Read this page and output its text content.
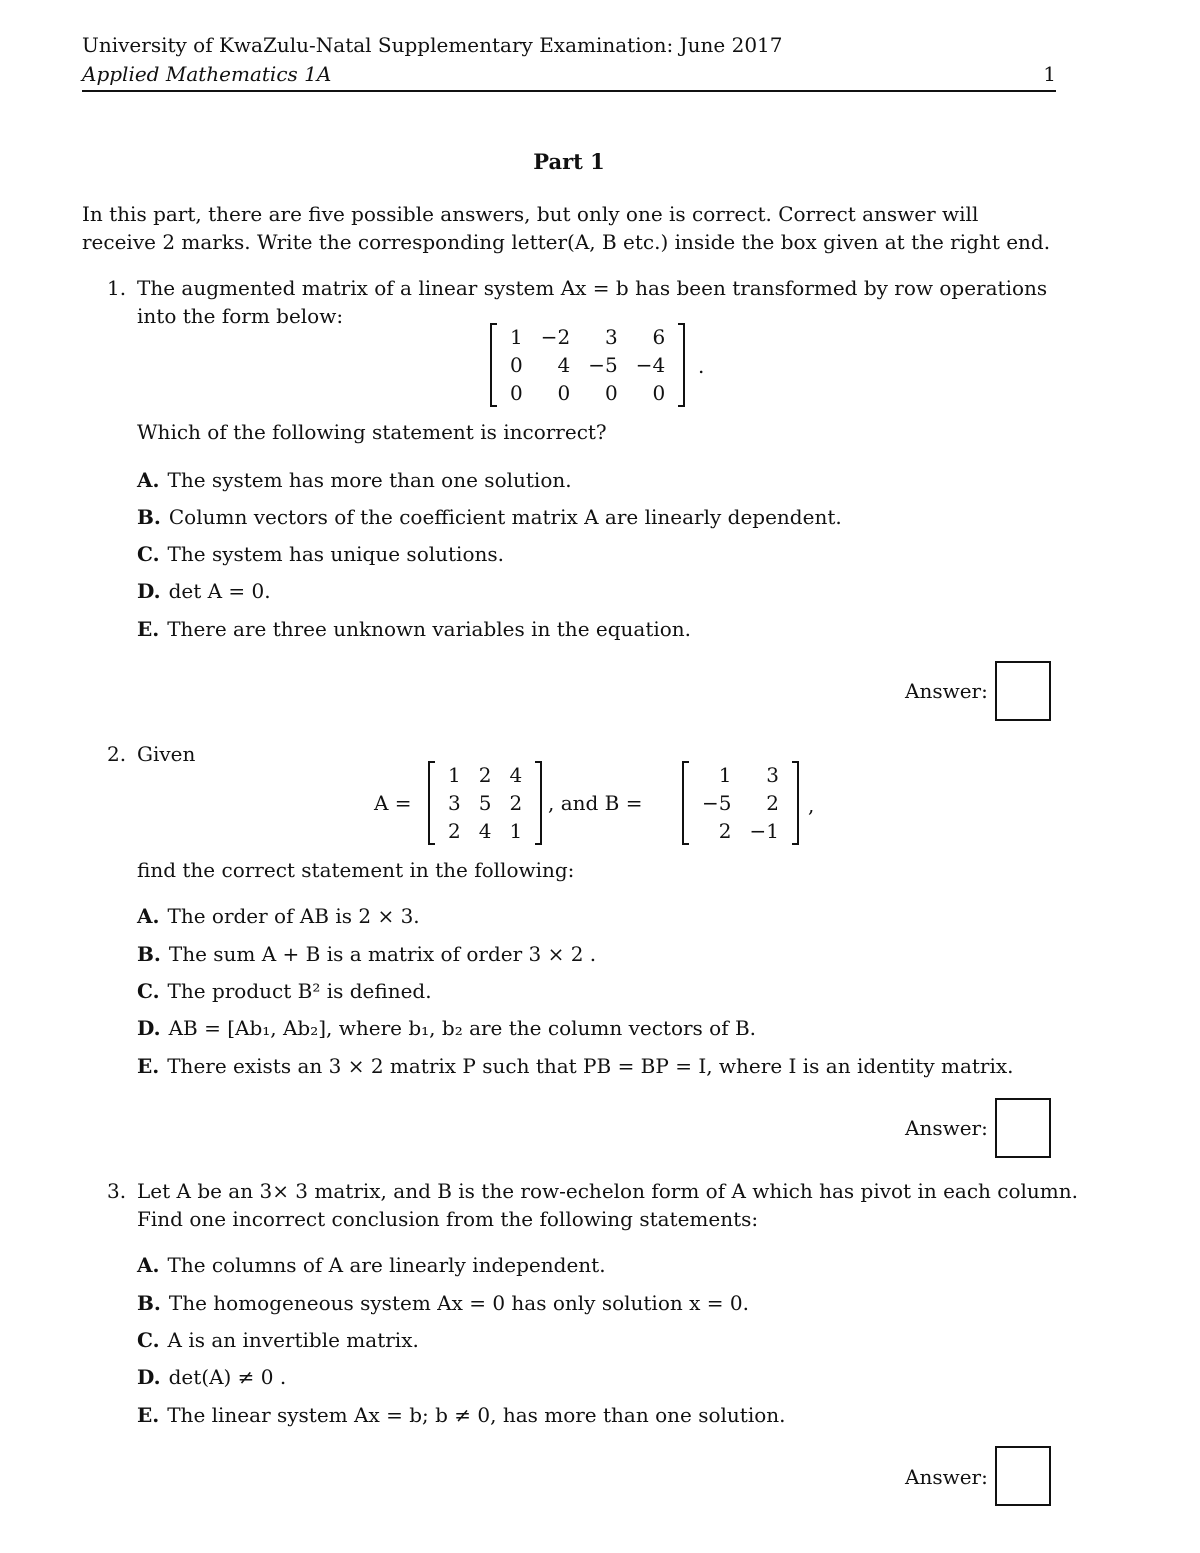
University of KwaZulu-Natal Supplementary Examination: June 2017
Applied Mathematics 1A	1
Part 1
In this part, there are five possible answers, but only one is correct. Correct answer will receive 2 marks. Write the corresponding letter(A, B etc.) inside the box given at the right end.
1. The augmented matrix of a linear system Ax = b has been transformed by row operations
into the form below:
1	−2	3	6
0	4	−5	−4
0	0	0	0
.
Which of the following statement is incorrect?
A. The system has more than one solution.
B. Column vectors of the coefficient matrix A are linearly dependent.
C. The system has unique solutions.
D. det A = 0.
E. There are three unknown variables in the equation.
Answer:
2. Given
A =
1	2	4
3	5	2
2	4	1
, and B =
1	3
−5	2
2	−1
,
find the correct statement in the following:
A. The order of AB is 2 × 3.
B. The sum A + B is a matrix of order 3 × 2 .
C. The product B² is defined.
D. AB = [Ab₁, Ab₂], where b₁, b₂ are the column vectors of B.
E. There exists an 3 × 2 matrix P such that PB = BP = I, where I is an identity matrix.
Answer:
3. Let A be an 3× 3 matrix, and B is the row-echelon form of A which has pivot in each column.
Find one incorrect conclusion from the following statements:
A. The columns of A are linearly independent.
B. The homogeneous system Ax = 0 has only solution x = 0.
C. A is an invertible matrix.
D. det(A) ≠ 0 .
E. The linear system Ax = b; b ≠ 0, has more than one solution.
Answer:
